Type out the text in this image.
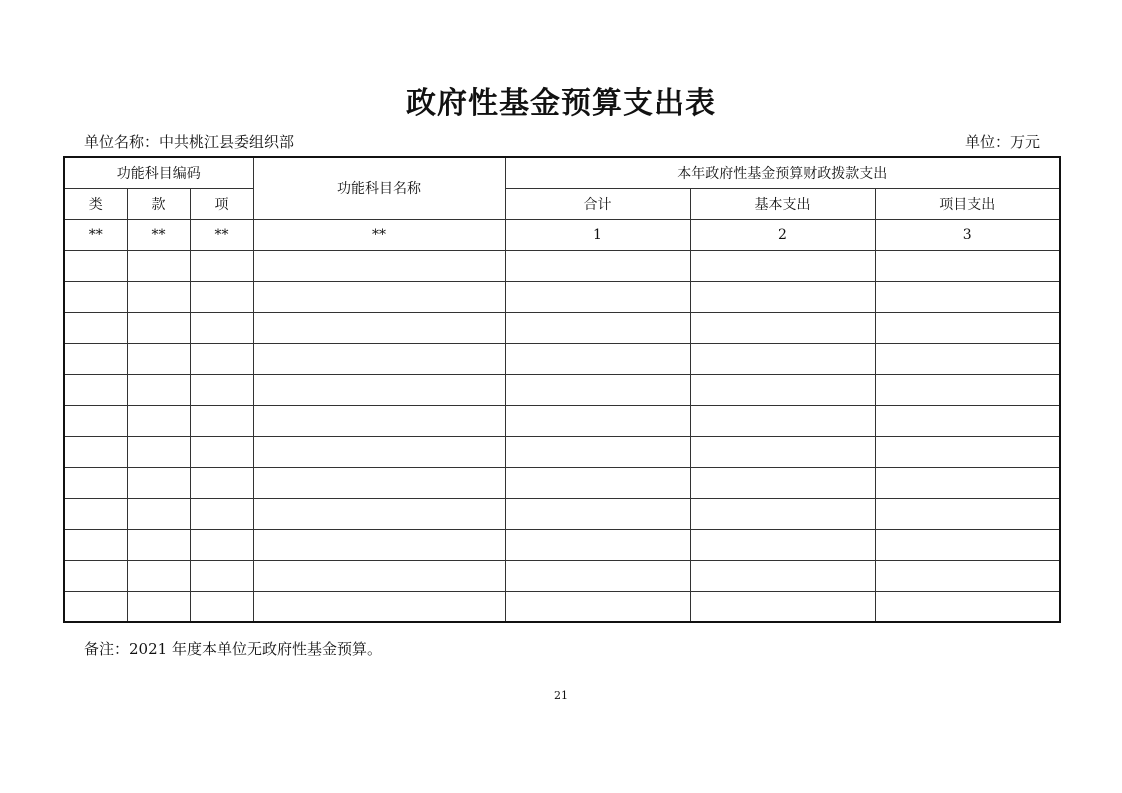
政府性基金预算支出表
单位名称：中共桃江县委组织部	单位：万元
功能科目编码			功能科目名称	本年政府性基金预算财政拨款支出		
类	款	项		合计	基本支出	项目支出
**	**	**	**	1	2	3

备注：2021 年度本单位无政府性基金预算。
21
